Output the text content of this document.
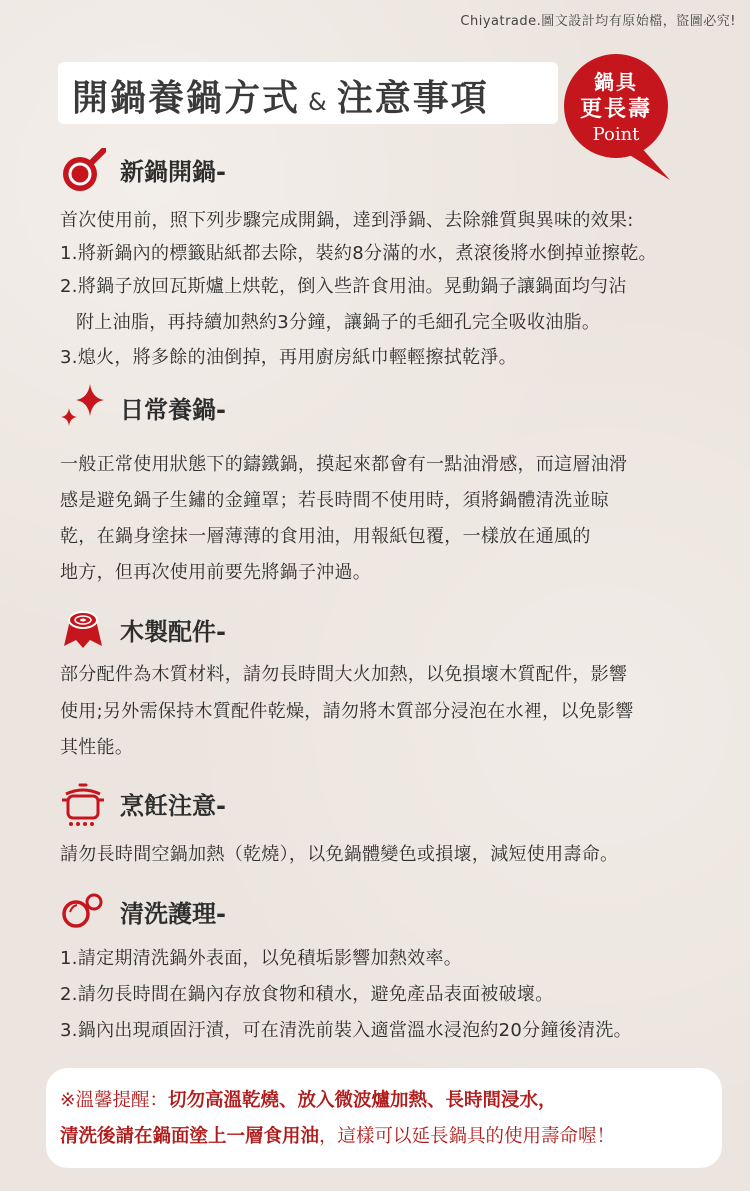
Chiyatrade.圖文設計均有原始檔，盜圖必究!
開鍋養鍋方式 & 注意事項	鍋具
更長壽
Point
新鍋開鍋-
首次使用前，照下列步驟完成開鍋，達到淨鍋、去除雜質與異味的效果:
1.將新鍋內的標籤貼紙都去除，裝約8分滿的水，煮滾後將水倒掉並擦乾。
2.將鍋子放回瓦斯爐上烘乾，倒入些許食用油。晃動鍋子讓鍋面均勻沾
附上油脂，再持續加熱約3分鐘，讓鍋子的毛細孔完全吸收油脂。
3.熄火，將多餘的油倒掉，再用廚房紙巾輕輕擦拭乾淨。
日常養鍋-
一般正常使用狀態下的鑄鐵鍋，摸起來都會有一點油滑感，而這層油滑
感是避免鍋子生鏽的金鐘罩；若長時間不使用時，須將鍋體清洗並晾
乾，在鍋身塗抹一層薄薄的食用油，用報紙包覆，一樣放在通風的
地方，但再次使用前要先將鍋子沖過。
木製配件-
部分配件為木質材料，請勿長時間大火加熱，以免損壞木質配件，影響
使用;另外需保持木質配件乾燥，請勿將木質部分浸泡在水裡，以免影響
其性能。
烹飪注意-
請勿長時間空鍋加熱（乾燒），以免鍋體變色或損壞，減短使用壽命。
清洗護理-
1.請定期清洗鍋外表面，以免積垢影響加熱效率。
2.請勿長時間在鍋內存放食物和積水，避免產品表面被破壞。
3.鍋內出現頑固汙漬，可在清洗前裝入適當溫水浸泡約20分鐘後清洗。
※溫馨提醒：切勿高溫乾燒、放入微波爐加熱、長時間浸水，
清洗後請在鍋面塗上一層食用油，這樣可以延長鍋具的使用壽命喔！
